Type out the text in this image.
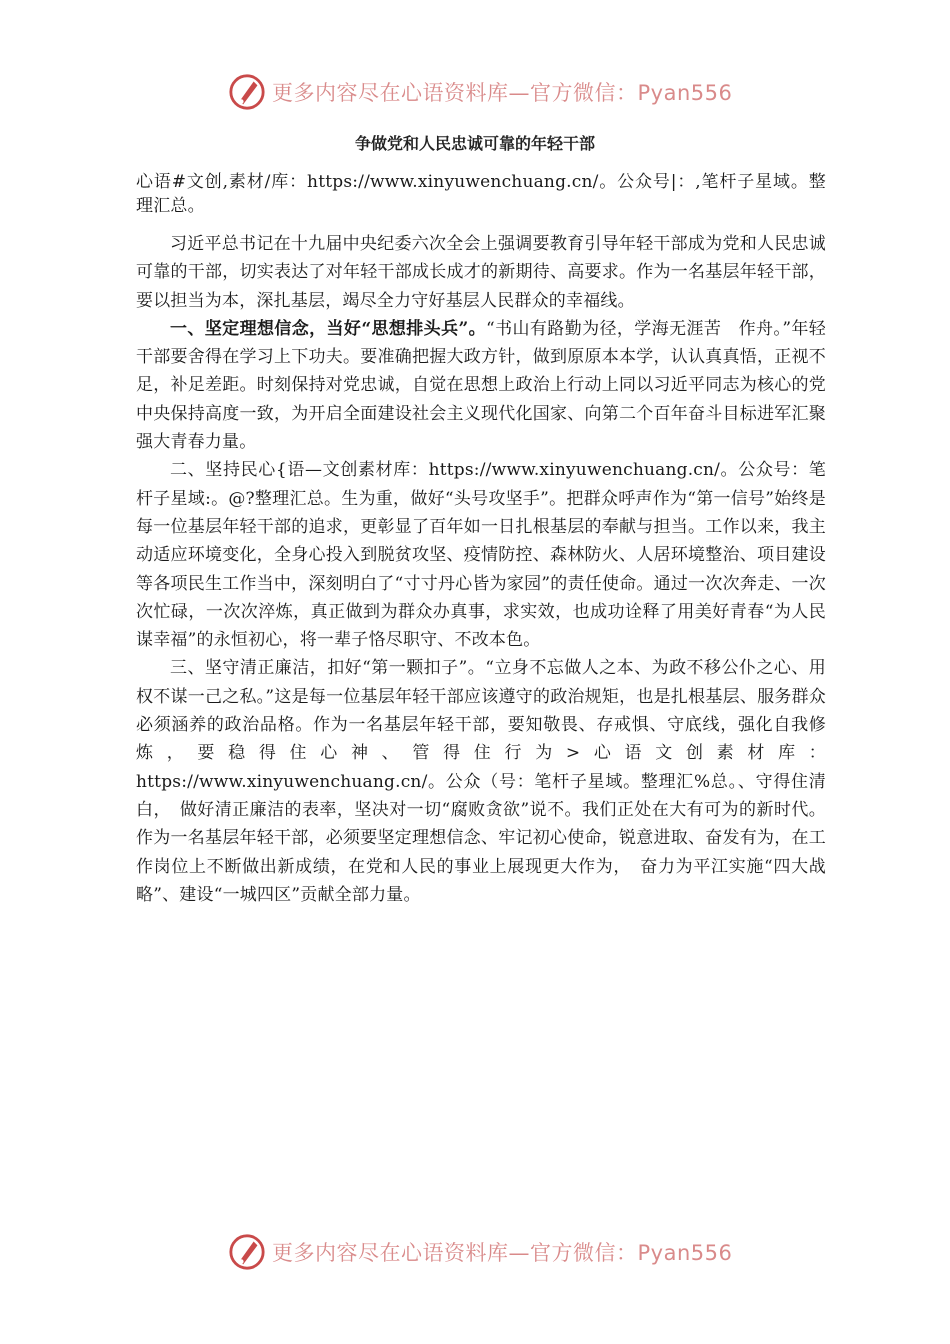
更多内容尽在心语资料库—官方微信：Pyan556
争做党和人民忠诚可靠的年轻干部

心语#文创,素材/库：https://www.xinyuwenchuang.cn/。公众号|：,笔杆子星域。整理汇总。

习近平总书记在十九届中央纪委六次全会上强调要教育引导年轻干部成为党和人民忠诚可靠的干部，切实表达了对年轻干部成长成才的新期待、高要求。作为一名基层年轻干部，要以担当为本，深扎基层，竭尽全力守好基层人民群众的幸福线。

一、坚定理想信念，当好“思想排头兵”。“书山有路勤为径，学海无涯苦　作舟。”年轻干部要舍得在学习上下功夫。要准确把握大政方针，做到原原本本学，认认真真悟，正视不足，补足差距。时刻保持对党忠诚，自觉在思想上政治上行动上同以习近平同志为核心的党中央保持高度一致，为开启全面建设社会主义现代化国家、向第二个百年奋斗目标进军汇聚强大青春力量。

二、坚持民心{语—文创素材库：https://www.xinyuwenchuang.cn/。公众号：笔杆子星域:。@?整理汇总。生为重，做好“头号攻坚手”。把群众呼声作为“第一信号”始终是每一位基层年轻干部的追求，更彰显了百年如一日扎根基层的奉献与担当。工作以来，我主动适应环境变化，全身心投入到脱贫攻坚、疫情防控、森林防火、人居环境整治、项目建设等各项民生工作当中，深刻明白了“寸寸丹心皆为家园”的责任使命。通过一次次奔走、一次次忙碌，一次次淬炼，真正做到为群众办真事，求实效，也成功诠释了用美好青春“为人民谋幸福”的永恒初心，将一辈子恪尽职守、不改本色。

三、坚守清正廉洁，扣好“第一颗扣子”。“立身不忘做人之本、为政不移公仆之心、用权不谋一己之私。”这是每一位基层年轻干部应该遵守的政治规矩，也是扎根基层、服务群众必须涵养的政治品格。作为一名基层年轻干部，要知敬畏、存戒惧、守底线，强化自我修炼，要稳得住心神、管得住行为>心语文创素材库：https://www.xinyuwenchuang.cn/。公众（号：笔杆子星域。整理汇%总。、守得住清白，　做好清正廉洁的表率，坚决对一切“腐败贪欲”说不。我们正处在大有可为的新时代。作为一名基层年轻干部，必须要坚定理想信念、牢记初心使命，锐意进取、奋发有为，在工作岗位上不断做出新成绩，在党和人民的事业上展现更大作为，　奋力为平江实施“四大战略”、建设“一城四区”贡献全部力量。

更多内容尽在心语资料库—官方微信：Pyan556
